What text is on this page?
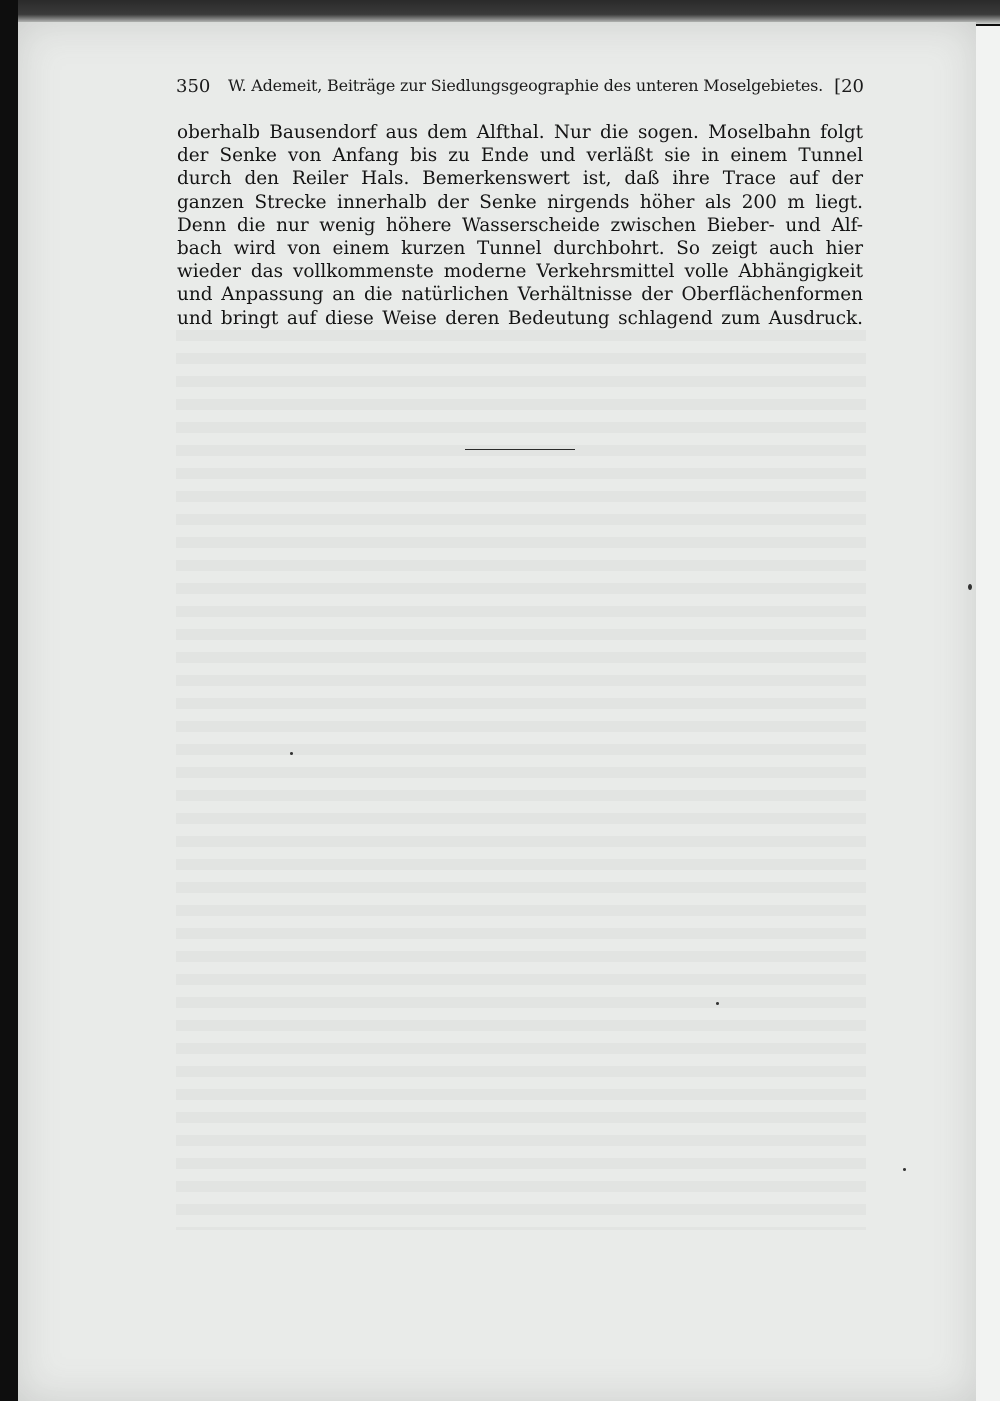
350 W. Ademeit, Beiträge zur Siedlungsgeographie des unteren Moselgebietes. [20
oberhalb Bausendorf aus dem Alfthal. Nur die sogen. Moselbahn folgt
der Senke von Anfang bis zu Ende und verläßt sie in einem Tunnel
durch den Reiler Hals. Bemerkenswert ist, daß ihre Trace auf der
ganzen Strecke innerhalb der Senke nirgends höher als 200 m liegt.
Denn die nur wenig höhere Wasserscheide zwischen Bieber- und Alf-
bach wird von einem kurzen Tunnel durchbohrt. So zeigt auch hier
wieder das vollkommenste moderne Verkehrsmittel volle Abhängigkeit
und Anpassung an die natürlichen Verhältnisse der Oberflächenformen
und bringt auf diese Weise deren Bedeutung schlagend zum Ausdruck.
